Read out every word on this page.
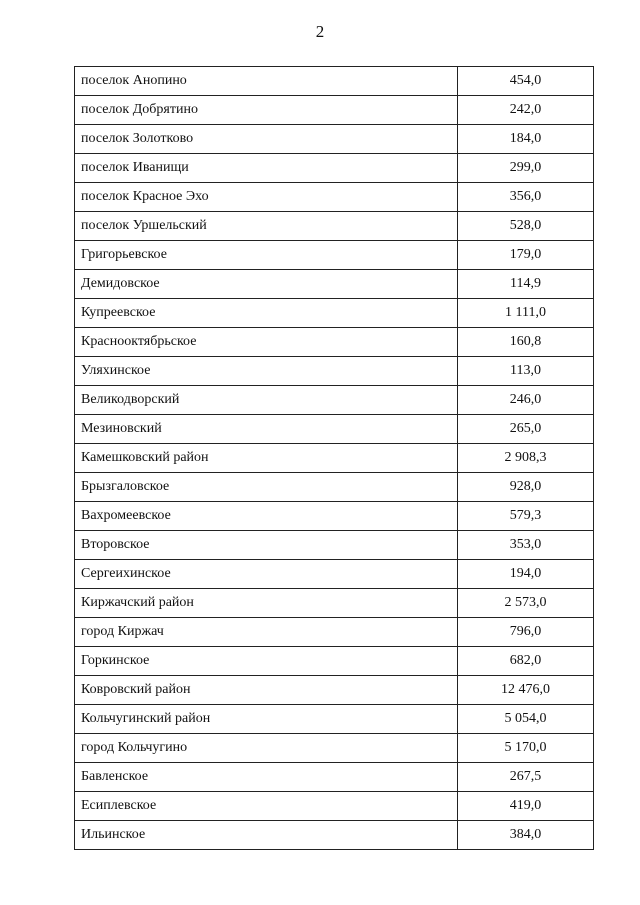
2
поселок Анопино	454,0
поселок Добрятино	242,0
поселок Золотково	184,0
поселок Иванищи	299,0
поселок Красное Эхо	356,0
поселок Уршельский	528,0
Григорьевское	179,0
Демидовское	114,9
Купреевское	1 111,0
Краснооктябрьское	160,8
Уляхинское	113,0
Великодворский	246,0
Мезиновский	265,0
Камешковский район	2 908,3
Брызгаловское	928,0
Вахромеевское	579,3
Второвское	353,0
Сергеихинское	194,0
Киржачский район	2 573,0
город Киржач	796,0
Горкинское	682,0
Ковровский район	12 476,0
Кольчугинский район	5 054,0
город Кольчугино	5 170,0
Бавленское	267,5
Есиплевское	419,0
Ильинское	384,0
